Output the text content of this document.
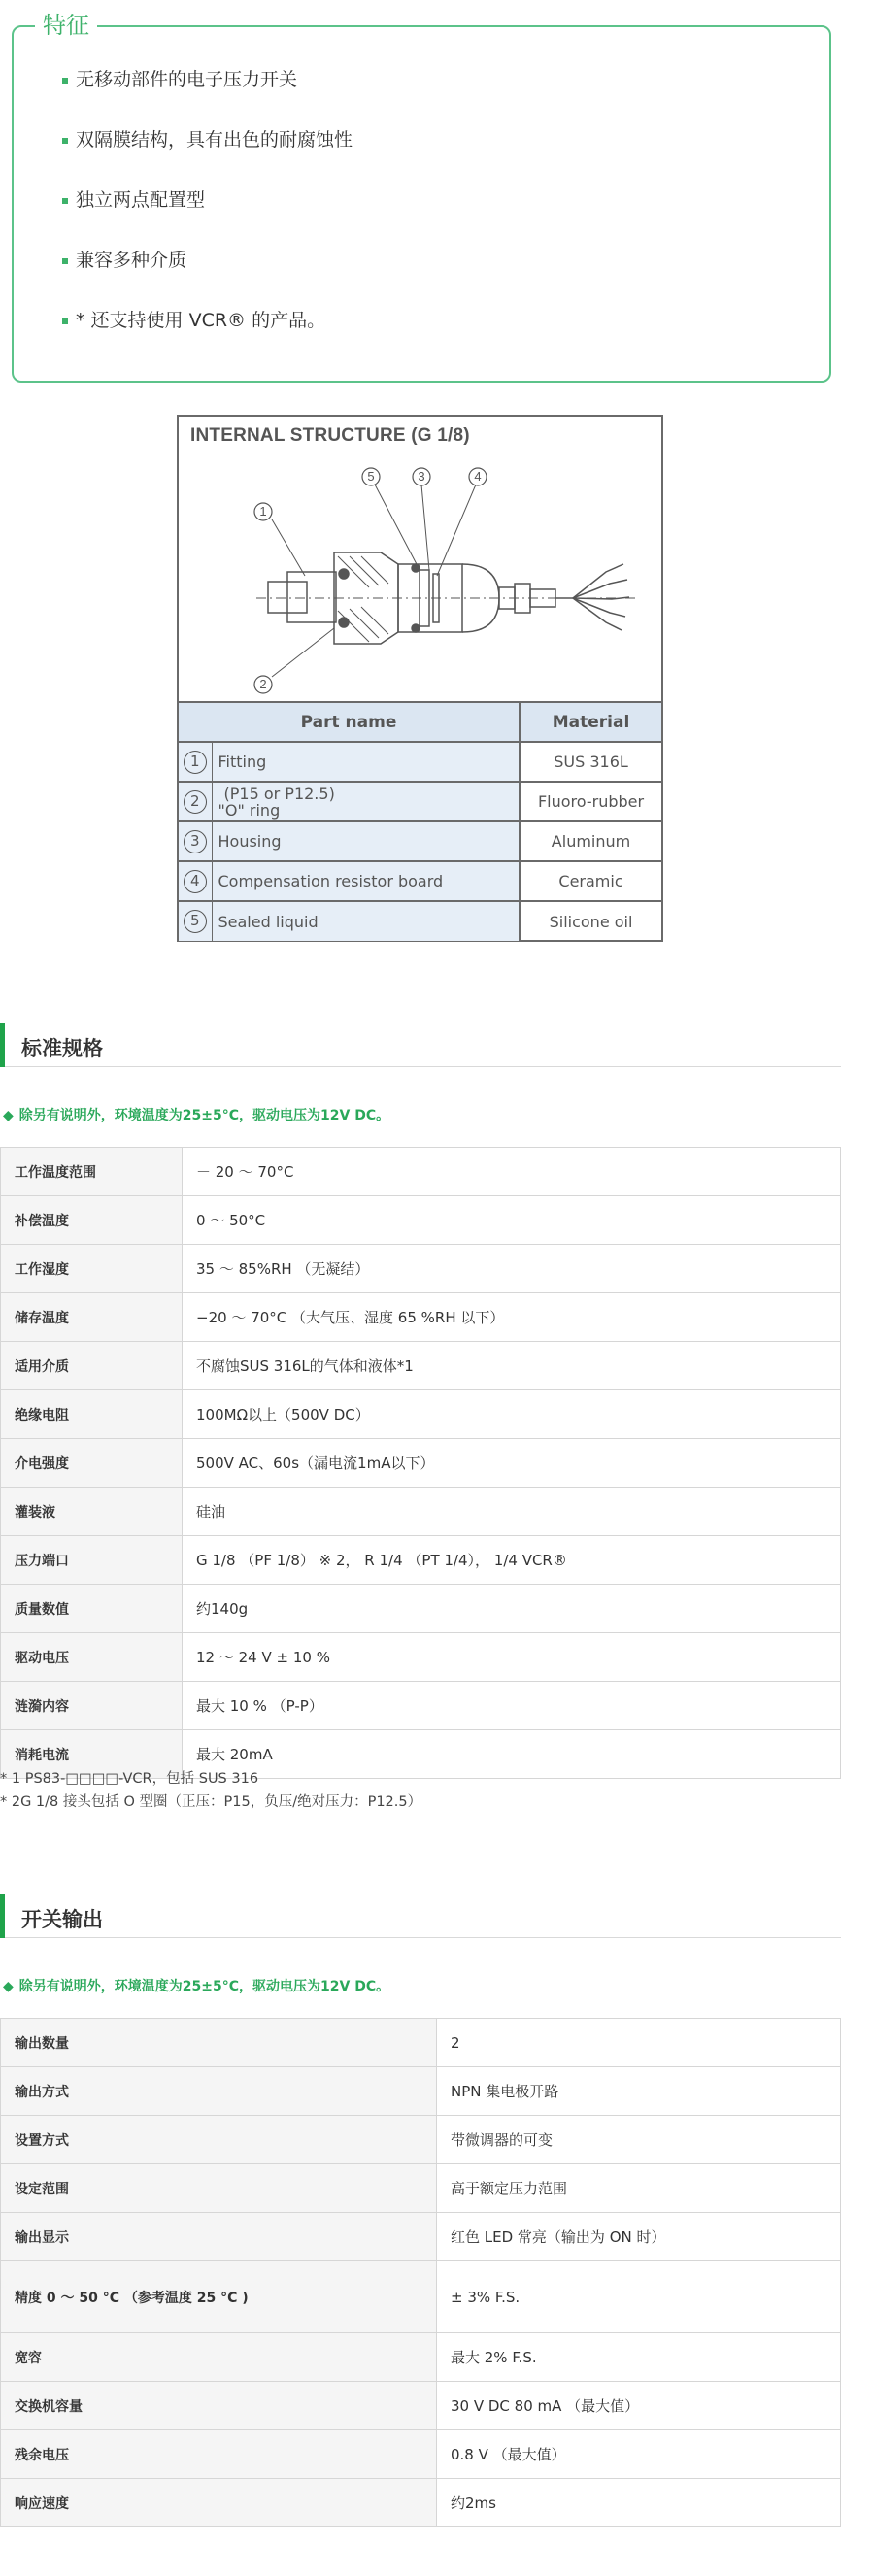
特征
无移动部件的电子压力开关
双隔膜结构，具有出色的耐腐蚀性
独立两点配置型
兼容多种介质
* 还支持使用 VCR® 的产品。
INTERNAL STRUCTURE (G 1/8)
1
2
3	4
5
Part name		Material
1	Fitting	SUS 316L
2	(P15 or P12.5)
"O" ring	Fluoro-rubber
3	Housing	Aluminum
4	Compensation resistor board	Ceramic
5	Sealed liquid	Silicone oil
标准规格
◆ 除另有说明外，环境温度为25±5°C，驱动电压为12V DC。
工作温度范围	－ 20 ～ 70°C
补偿温度	0 ～ 50°C
工作湿度	35 ～ 85%RH （无凝结）
储存温度	−20 ～ 70°C （大气压、湿度 65 %RH 以下）
适用介质	不腐蚀SUS 316L的气体和液体*1
绝缘电阻	100MΩ以上（500V DC）
介电强度	500V AC、60s（漏电流1mA以下）
灌装液	硅油
压力端口	G 1/8 （PF 1/8） ※ 2， R 1/4 （PT 1/4）， 1/4 VCR®
质量数值	约140g
驱动电压	12 ～ 24 V ± 10 %
涟漪内容	最大 10 % （P-P）
消耗电流	最大 20mA
* 1 PS83-□□□□-VCR，包括 SUS 316
* 2G 1/8 接头包括 O 型圈（正压：P15，负压/绝对压力：P12.5）
开关输出
◆ 除另有说明外，环境温度为25±5°C，驱动电压为12V DC。
输出数量	2
输出方式	NPN 集电极开路
设置方式	带微调器的可变
设定范围	高于额定压力范围
输出显示	红色 LED 常亮（输出为 ON 时）
精度 0 ～ 50 °C （参考温度 25 °C )	± 3% F.S.
宽容	最大 2% F.S.
交换机容量	30 V DC 80 mA （最大值）
残余电压	0.8 V （最大值）
响应速度	约2ms
